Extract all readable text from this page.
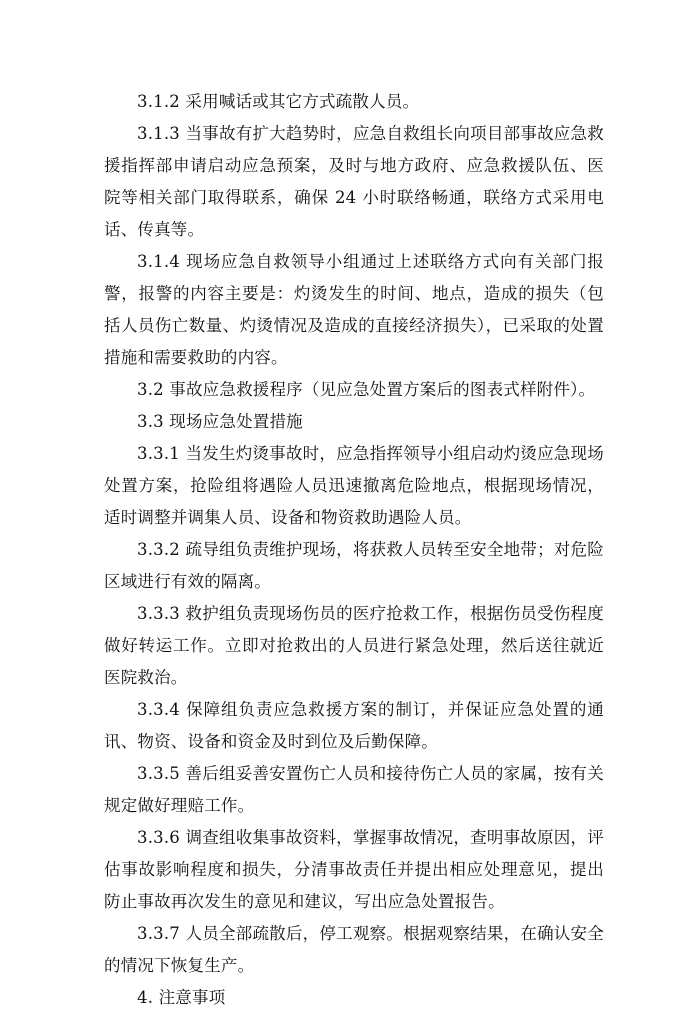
3.1.2 采用喊话或其它方式疏散人员。

3.1.3 当事故有扩大趋势时，应急自救组长向项目部事故应急救援指挥部申请启动应急预案，及时与地方政府、应急救援队伍、医院等相关部门取得联系，确保 24 小时联络畅通，联络方式采用电话、传真等。

3.1.4 现场应急自救领导小组通过上述联络方式向有关部门报警，报警的内容主要是：灼烫发生的时间、地点，造成的损失（包括人员伤亡数量、灼烫情况及造成的直接经济损失），已采取的处置措施和需要救助的内容。

3.2 事故应急救援程序（见应急处置方案后的图表式样附件）。

3.3 现场应急处置措施

3.3.1 当发生灼烫事故时，应急指挥领导小组启动灼烫应急现场处置方案，抢险组将遇险人员迅速撤离危险地点，根据现场情况，适时调整并调集人员、设备和物资救助遇险人员。

3.3.2 疏导组负责维护现场，将获救人员转至安全地带；对危险区域进行有效的隔离。

3.3.3 救护组负责现场伤员的医疗抢救工作，根据伤员受伤程度做好转运工作。立即对抢救出的人员进行紧急处理，然后送往就近医院救治。

3.3.4 保障组负责应急救援方案的制订，并保证应急处置的通讯、物资、设备和资金及时到位及后勤保障。

3.3.5 善后组妥善安置伤亡人员和接待伤亡人员的家属，按有关规定做好理赔工作。

3.3.6 调查组收集事故资料，掌握事故情况，查明事故原因，评估事故影响程度和损失，分清事故责任并提出相应处理意见，提出防止事故再次发生的意见和建议，写出应急处置报告。

3.3.7 人员全部疏散后，停工观察。根据观察结果，在确认安全的情况下恢复生产。

4. 注意事项
